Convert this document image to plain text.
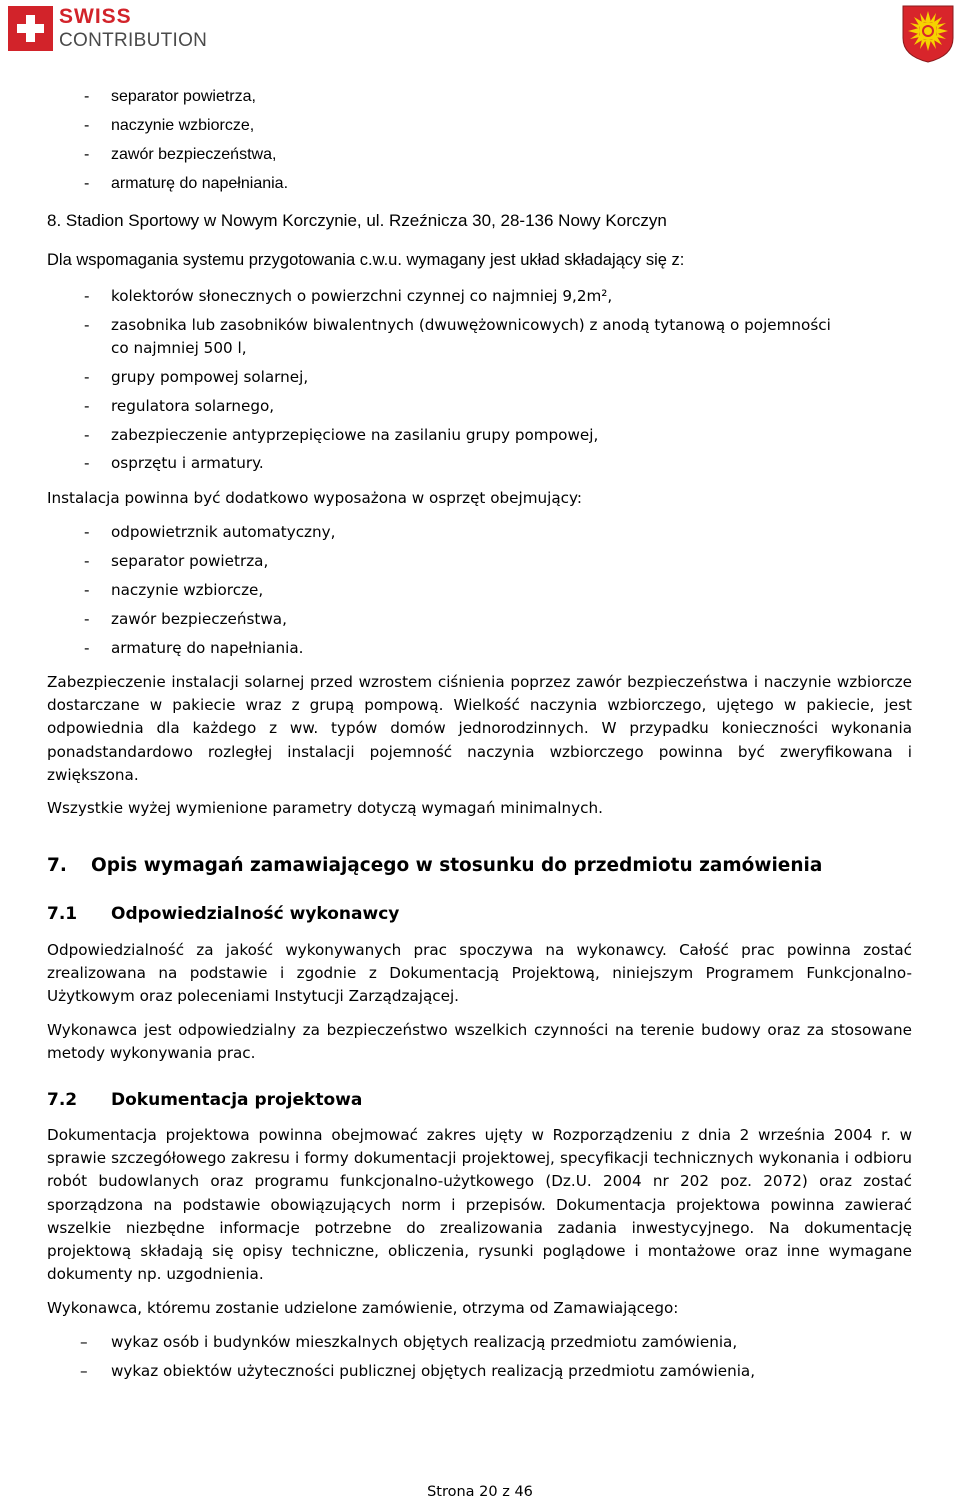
SWISS
CONTRIBUTION
- separator powietrza,
- naczynie wzbiorcze,
- zawór bezpieczeństwa,
- armaturę do napełniania.
8. Stadion Sportowy w Nowym Korczynie, ul. Rzeźnicza 30, 28-136 Nowy Korczyn
Dla wspomagania systemu przygotowania c.w.u. wymagany jest układ składający się z:
- kolektorów słonecznych o powierzchni czynnej co najmniej 9,2m²,
- zasobnika lub zasobników biwalentnych (dwuwężownicowych) z anodą tytanową o pojemności
co najmniej 500 l,
- grupy pompowej solarnej,
- regulatora solarnego,
- zabezpieczenie antyprzepięciowe na zasilaniu grupy pompowej,
- osprzętu i armatury.
Instalacja powinna być dodatkowo wyposażona w osprzęt obejmujący:
- odpowietrznik automatyczny,
- separator powietrza,
- naczynie wzbiorcze,
- zawór bezpieczeństwa,
- armaturę do napełniania.
Zabezpieczenie instalacji solarnej przed wzrostem ciśnienia poprzez zawór bezpieczeństwa i naczynie wzbiorcze dostarczane w pakiecie wraz z grupą pompową. Wielkość naczynia wzbiorczego, ujętego w pakiecie, jest odpowiednia dla każdego z ww. typów domów jednorodzinnych. W przypadku konieczności wykonania ponadstandardowo rozległej instalacji pojemność naczynia wzbiorczego powinna być zweryfikowana i zwiększona.
Wszystkie wyżej wymienione parametry dotyczą wymagań minimalnych.
7. Opis wymagań zamawiającego w stosunku do przedmiotu zamówienia
7.1 Odpowiedzialność wykonawcy
Odpowiedzialność za jakość wykonywanych prac spoczywa na wykonawcy. Całość prac powinna zostać zrealizowana na podstawie i zgodnie z Dokumentacją Projektową, niniejszym Programem Funkcjonalno-Użytkowym oraz poleceniami Instytucji Zarządzającej.
Wykonawca jest odpowiedzialny za bezpieczeństwo wszelkich czynności na terenie budowy oraz za stosowane metody wykonywania prac.
7.2 Dokumentacja projektowa
Dokumentacja projektowa powinna obejmować zakres ujęty w Rozporządzeniu z dnia 2 września 2004 r. w sprawie szczegółowego zakresu i formy dokumentacji projektowej, specyfikacji technicznych wykonania i odbioru robót budowlanych oraz programu funkcjonalno-użytkowego (Dz.U. 2004 nr 202 poz. 2072) oraz zostać sporządzona na podstawie obowiązujących norm i przepisów. Dokumentacja projektowa powinna zawierać wszelkie niezbędne informacje potrzebne do zrealizowania zadania inwestycyjnego. Na dokumentację projektową składają się opisy techniczne, obliczenia, rysunki poglądowe i montażowe oraz inne wymagane dokumenty np. uzgodnienia.
Wykonawca, któremu zostanie udzielone zamówienie, otrzyma od Zamawiającego:
– wykaz osób i budynków mieszkalnych objętych realizacją przedmiotu zamówienia,
– wykaz obiektów użyteczności publicznej objętych realizacją przedmiotu zamówienia,
Strona 20 z 46
